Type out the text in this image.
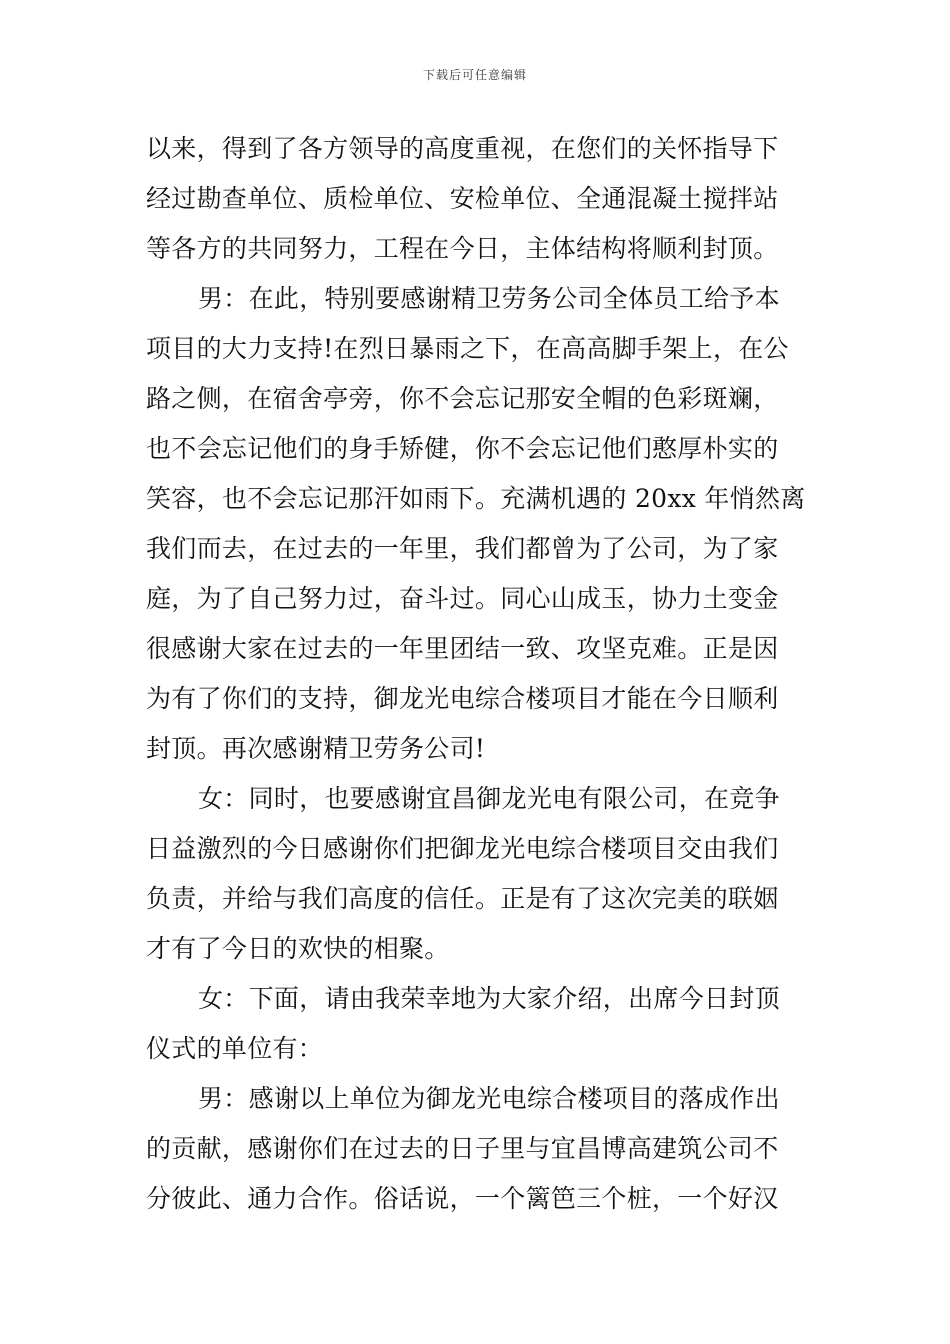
下载后可任意编辑
以来，得到了各方领导的高度重视，在您们的关怀指导下
经过勘查单位、质检单位、安检单位、全通混凝土搅拌站
等各方的共同努力，工程在今日，主体结构将顺利封顶。
男：在此，特别要感谢精卫劳务公司全体员工给予本
项目的大力支持!在烈日暴雨之下，在高高脚手架上，在公
路之侧，在宿舍亭旁，你不会忘记那安全帽的色彩斑斓，
也不会忘记他们的身手矫健，你不会忘记他们憨厚朴实的
笑容，也不会忘记那汗如雨下。充满机遇的 20xx 年悄然离
我们而去，在过去的一年里，我们都曾为了公司，为了家
庭，为了自己努力过，奋斗过。同心山成玉，协力土变金
很感谢大家在过去的一年里团结一致、攻坚克难。正是因
为有了你们的支持，御龙光电综合楼项目才能在今日顺利
封顶。再次感谢精卫劳务公司!
女：同时，也要感谢宜昌御龙光电有限公司，在竞争
日益激烈的今日感谢你们把御龙光电综合楼项目交由我们
负责，并给与我们高度的信任。正是有了这次完美的联姻
才有了今日的欢快的相聚。
女：下面，请由我荣幸地为大家介绍，出席今日封顶
仪式的单位有：
男：感谢以上单位为御龙光电综合楼项目的落成作出
的贡献，感谢你们在过去的日子里与宜昌博高建筑公司不
分彼此、通力合作。俗话说，一个篱笆三个桩，一个好汉
